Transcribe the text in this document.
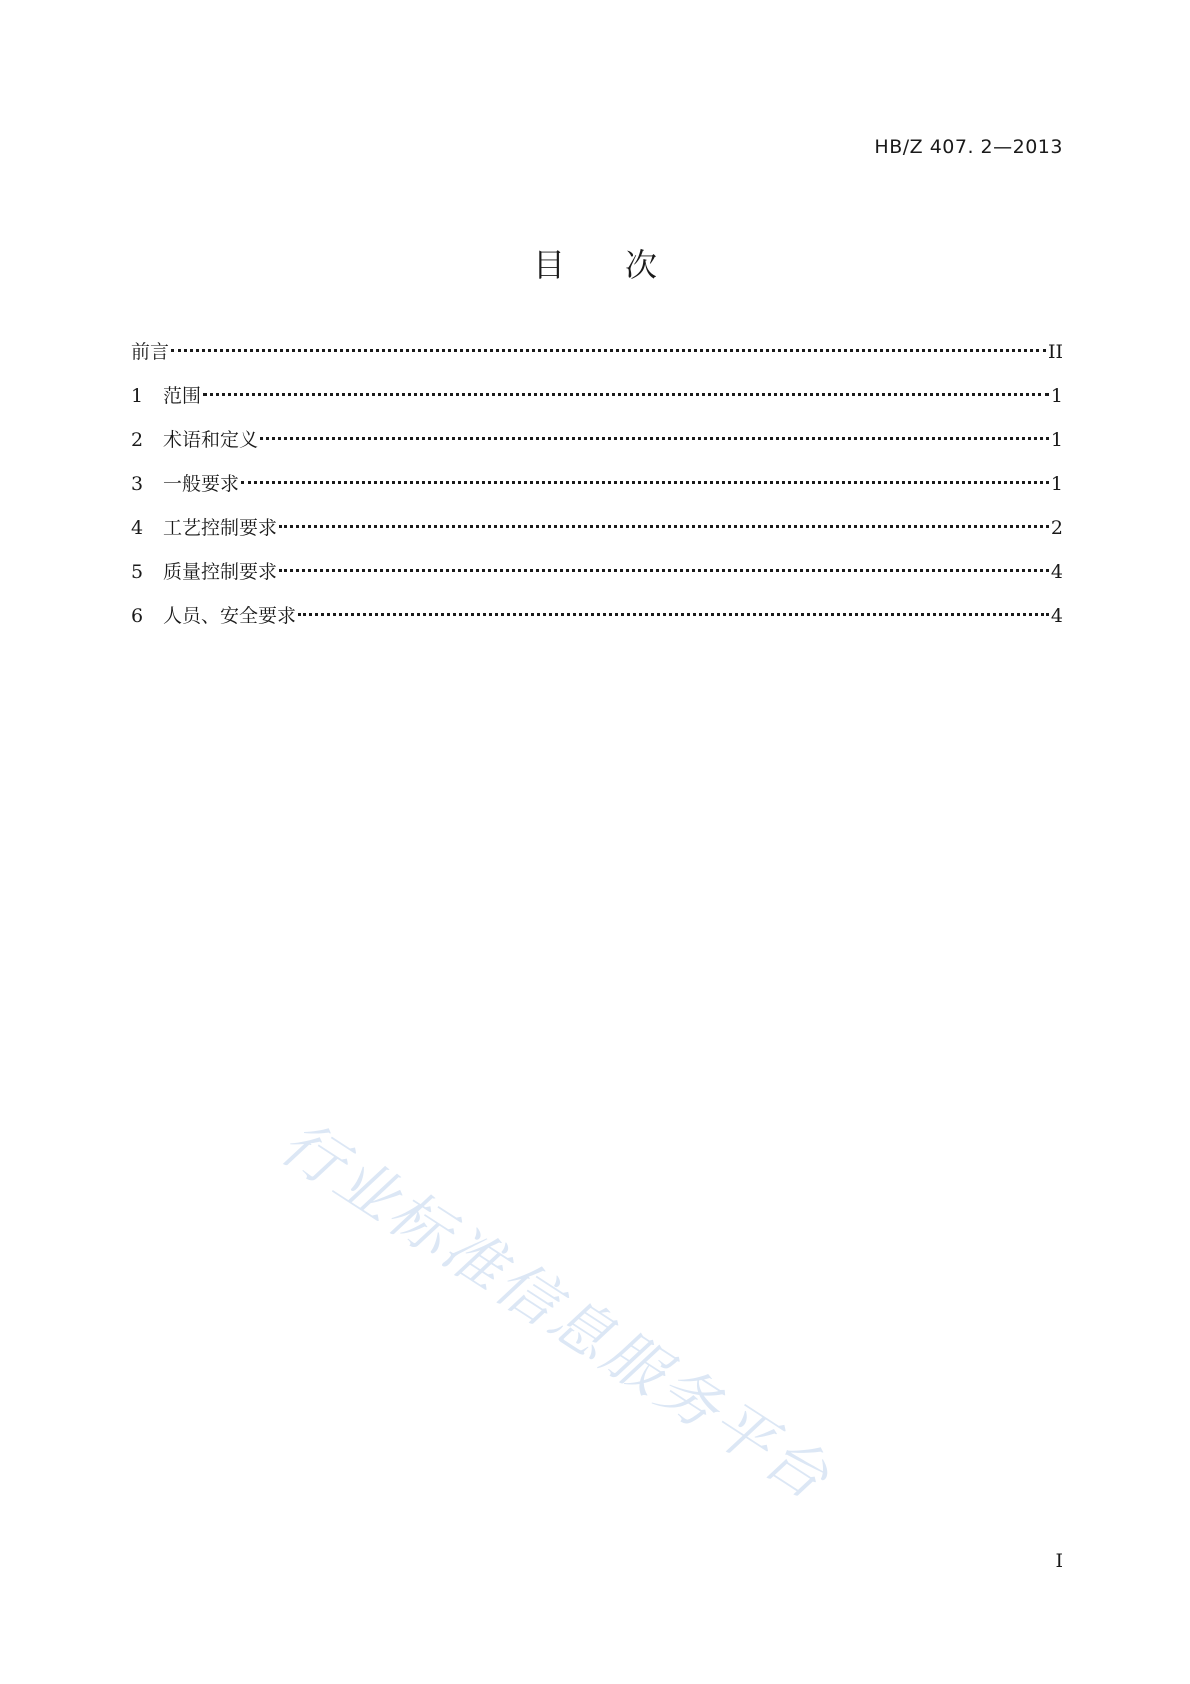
HB/Z 407. 2—2013
目次
前言	II
1	范围	1
2	术语和定义	1
3	一般要求	1
4	工艺控制要求	2
5	质量控制要求	4
6	人员、安全要求	4
行业标准信息服务平台
I
